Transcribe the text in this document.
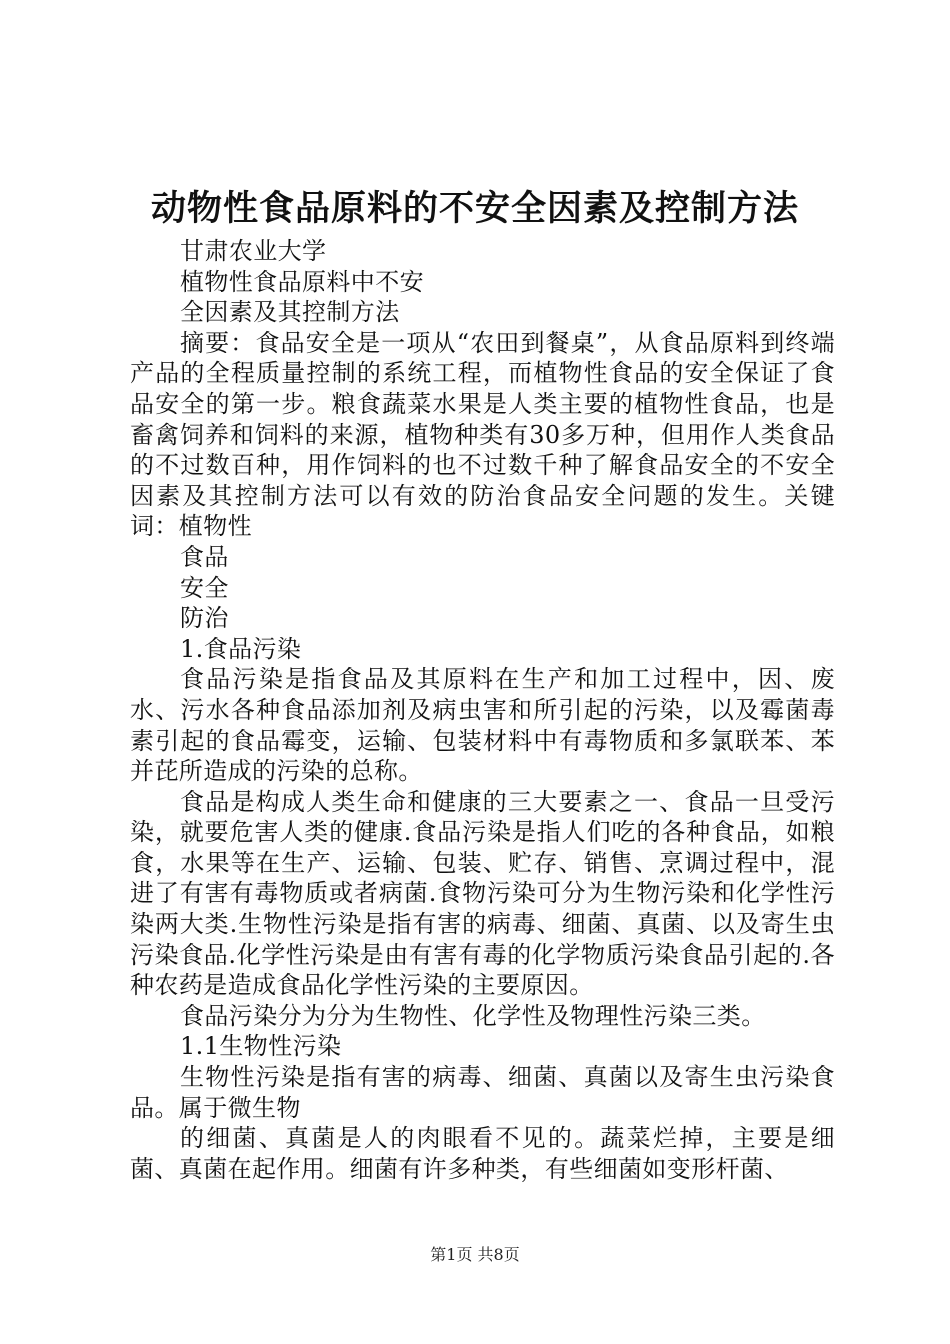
动物性食品原料的不安全因素及控制方法

甘肃农业大学

植物性食品原料中不安

全因素及其控制方法

摘要：食品安全是一项从“农田到餐桌”，从食品原料到终端产品的全程质量控制的系统工程，而植物性食品的安全保证了食品安全的第一步。粮食蔬菜水果是人类主要的植物性食品，也是畜禽饲养和饲料的来源，植物种类有30多万种，但用作人类食品的不过数百种，用作饲料的也不过数千种了解食品安全的不安全因素及其控制方法可以有效的防治食品安全问题的发生。关键词：植物性

食品

安全

防治

1.食品污染

食品污染是指食品及其原料在生产和加工过程中，因、废水、污水各种食品添加剂及病虫害和所引起的污染，以及霉菌毒素引起的食品霉变，运输、包装材料中有毒物质和多氯联苯、苯并芘所造成的污染的总称。

食品是构成人类生命和健康的三大要素之一、食品一旦受污染，就要危害人类的健康.食品污染是指人们吃的各种食品，如粮食，水果等在生产、运输、包装、贮存、销售、烹调过程中，混进了有害有毒物质或者病菌.食物污染可分为生物污染和化学性污染两大类.生物性污染是指有害的病毒、细菌、真菌、以及寄生虫污染食品.化学性污染是由有害有毒的化学物质污染食品引起的.各种农药是造成食品化学性污染的主要原因。

食品污染分为分为生物性、化学性及物理性污染三类。

1.1生物性污染

生物性污染是指有害的病毒、细菌、真菌以及寄生虫污染食品。属于微生物

的细菌、真菌是人的肉眼看不见的。蔬菜烂掉，主要是细菌、真菌在起作用。细菌有许多种类，有些细菌如变形杆菌、

第1页 共8页
